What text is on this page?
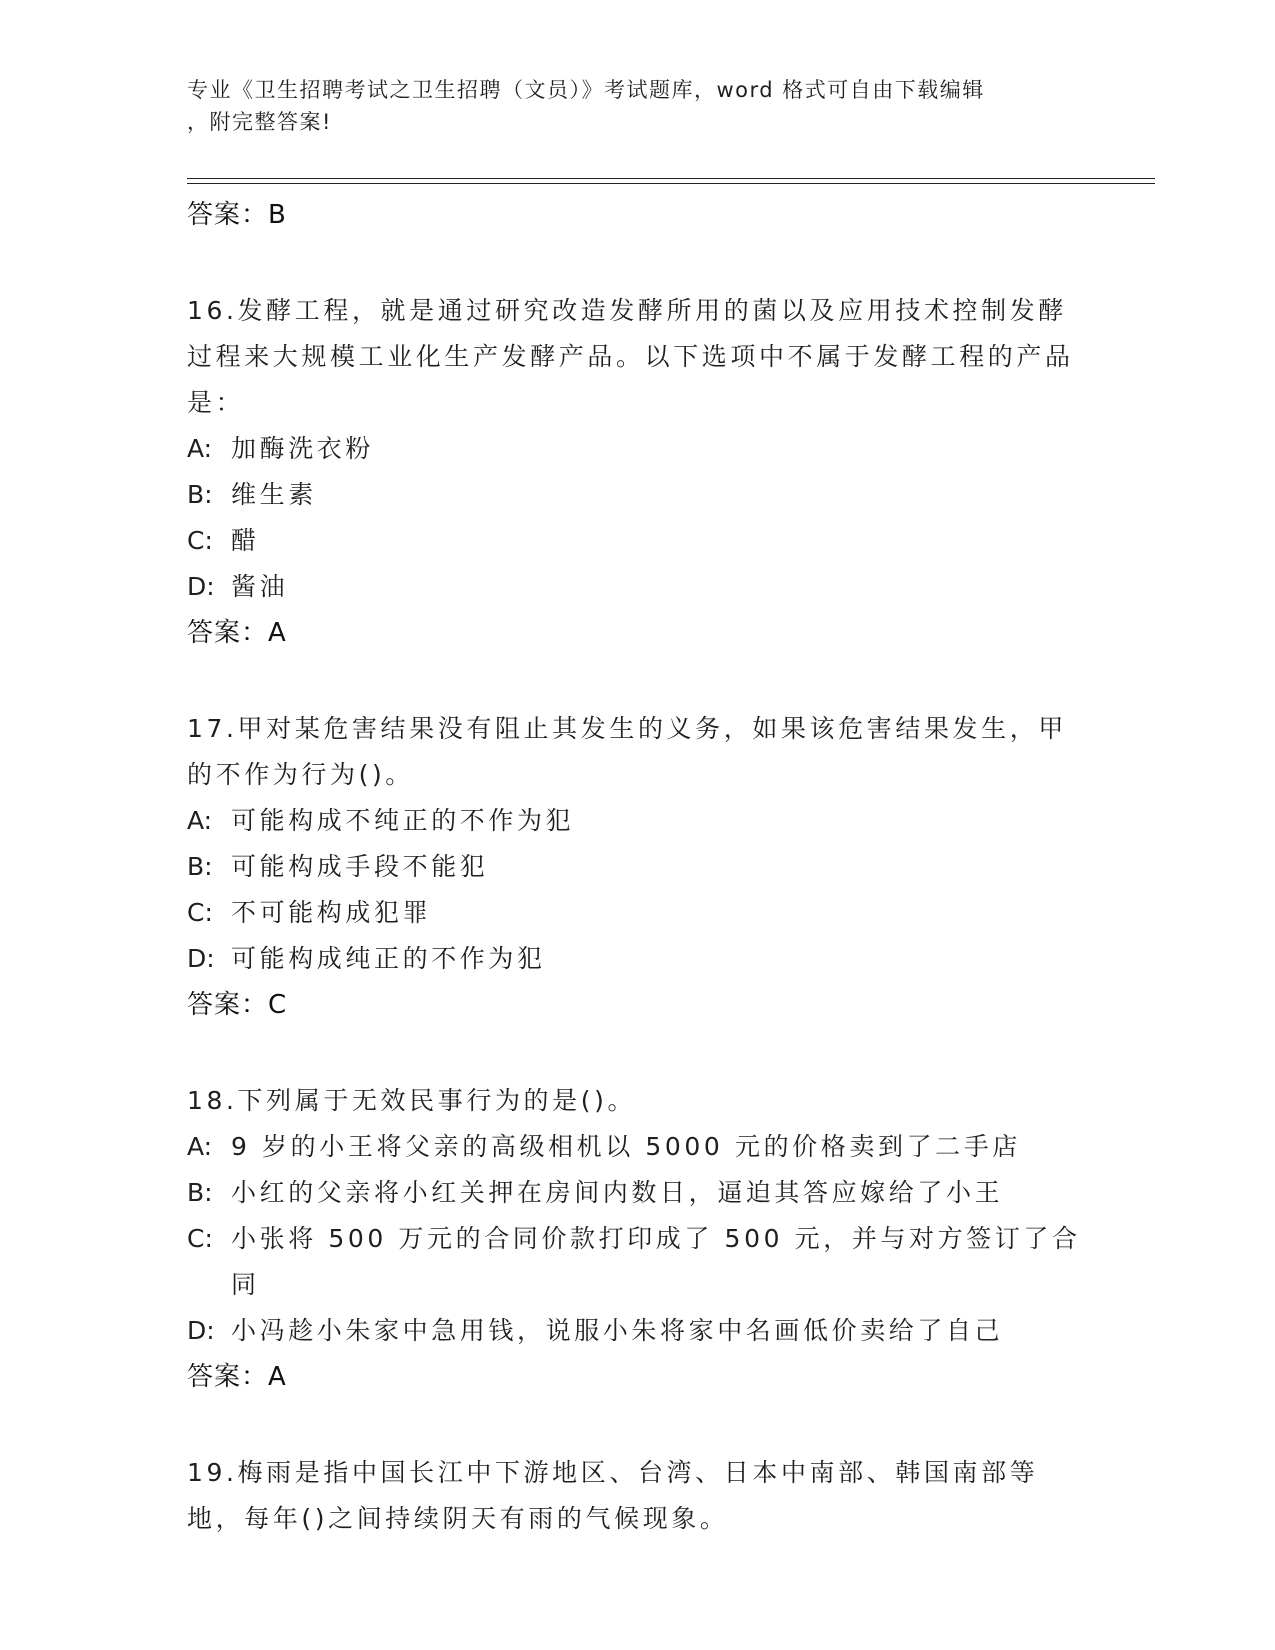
专业《卫生招聘考试之卫生招聘（文员）》考试题库，word 格式可自由下载编辑
，附完整答案!
答案：B
16.发酵工程，就是通过研究改造发酵所用的菌以及应用技术控制发酵过程来大规模工业化生产发酵产品。以下选项中不属于发酵工程的产品是：
A: 加酶洗衣粉
B: 维生素
C: 醋
D: 酱油
答案：A
17.甲对某危害结果没有阻止其发生的义务，如果该危害结果发生，甲的不作为行为()。
A: 可能构成不纯正的不作为犯
B: 可能构成手段不能犯
C: 不可能构成犯罪
D: 可能构成纯正的不作为犯
答案：C
18.下列属于无效民事行为的是()。
A: 9 岁的小王将父亲的高级相机以 5000 元的价格卖到了二手店
B: 小红的父亲将小红关押在房间内数日，逼迫其答应嫁给了小王
C: 小张将 500 万元的合同价款打印成了 500 元，并与对方签订了合同
D: 小冯趁小朱家中急用钱，说服小朱将家中名画低价卖给了自己
答案：A
19.梅雨是指中国长江中下游地区、台湾、日本中南部、韩国南部等地，每年()之间持续阴天有雨的气候现象。
